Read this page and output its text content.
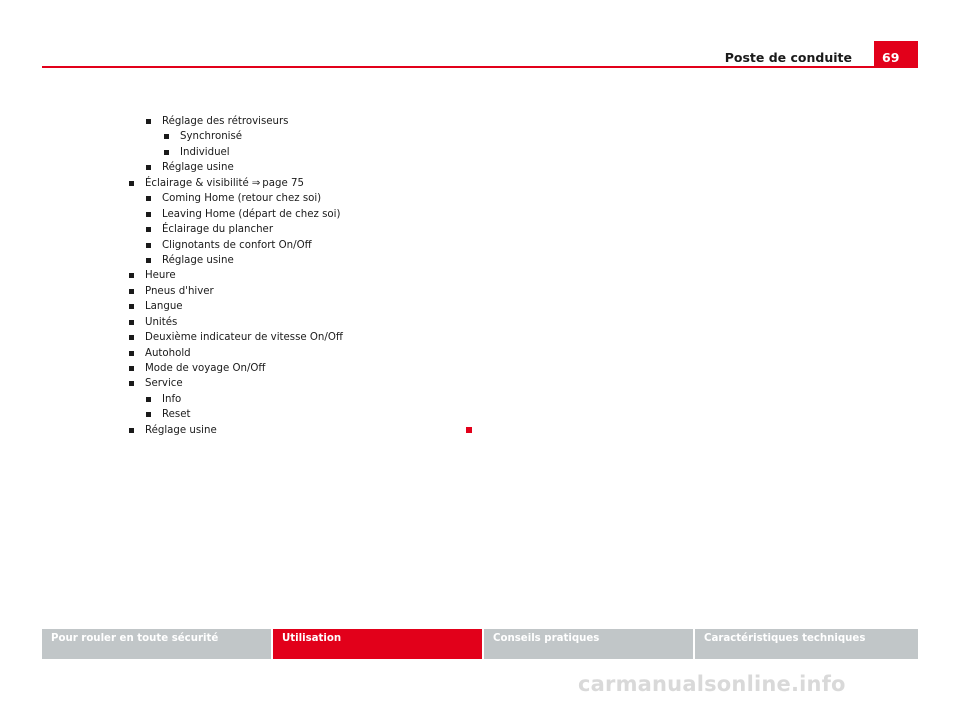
Poste de conduite	69
Réglage des rétroviseurs
Synchronisé
Individuel
Réglage usine
Éclairage & visibilité ⇒ page 75
Coming Home (retour chez soi)
Leaving Home (départ de chez soi)
Éclairage du plancher
Clignotants de confort On/Off
Réglage usine
Heure
Pneus d'hiver
Langue
Unités
Deuxième indicateur de vitesse On/Off
Autohold
Mode de voyage On/Off
Service
Info
Reset
Réglage usine
Pour rouler en toute sécurité	Utilisation	Conseils pratiques	Caractéristiques techniques
carmanualsonline.info
